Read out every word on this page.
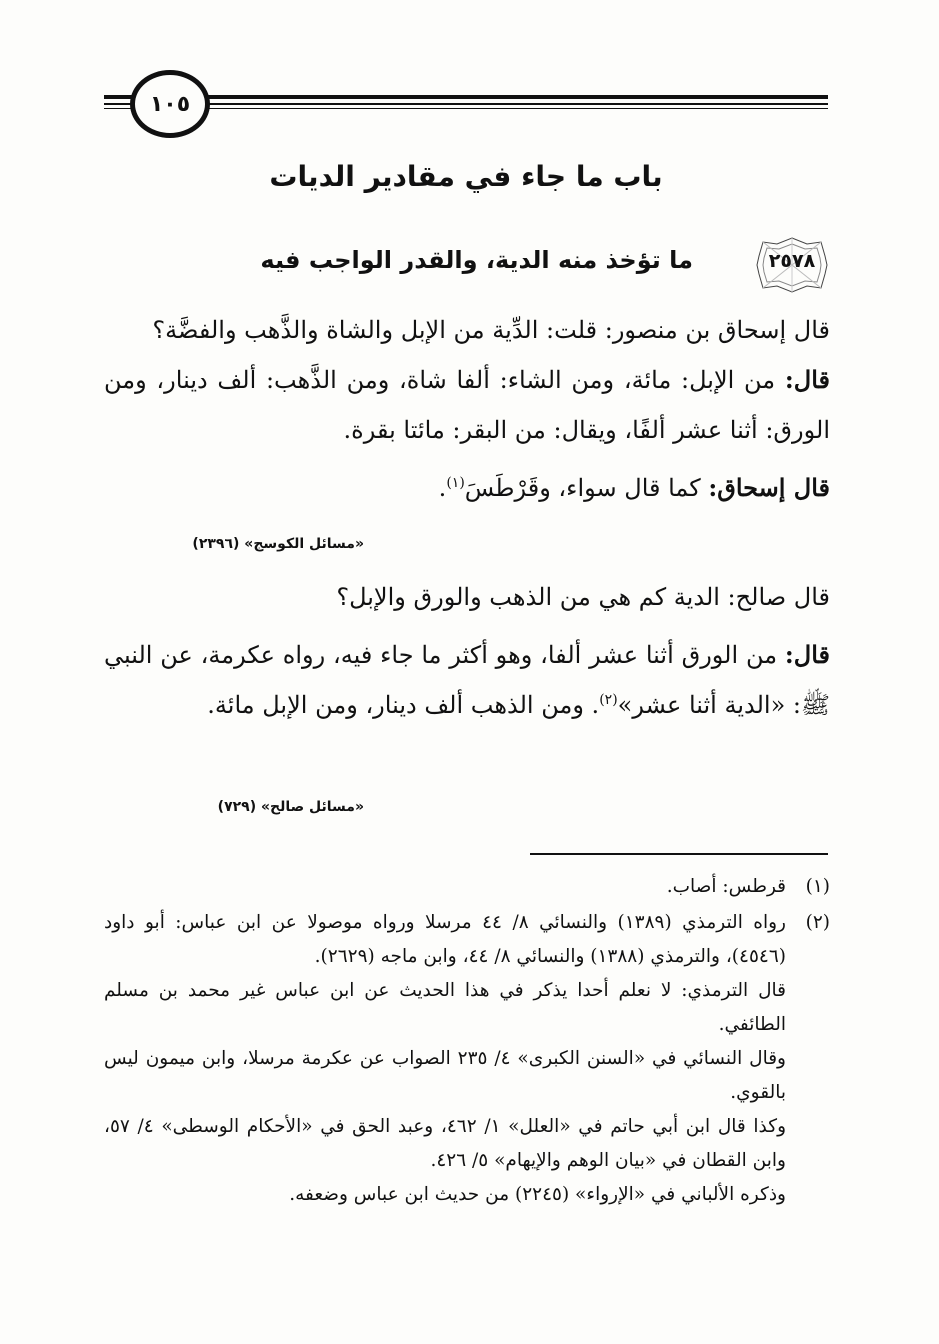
١٠٥
باب ما جاء في مقادير الديات
٢٥٧٨
ما تؤخذ منه الدية، والقدر الواجب فيه
قال إسحاق بن منصور: قلت: الدِّية من الإبل والشاة والذَّهب والفضَّة؟
قال: من الإبل: مائة، ومن الشاء: ألفا شاة، ومن الذَّهب: ألف دينار، ومن الورق: أثنا عشر ألفًا، ويقال: من البقر: مائتا بقرة.
قال إسحاق: كما قال سواء، وقَرْطَسَ$^{(١)}$.
«مسائل الكوسج» (٢٣٩٦)
قال صالح: الدية كم هي من الذهب والورق والإبل؟
قال: من الورق أثنا عشر ألفا، وهو أكثر ما جاء فيه، رواه عكرمة، عن النبي ﷺ: «الدية أثنا عشر»$^{(٢)}$. ومن الذهب ألف دينار، ومن الإبل مائة.
«مسائل صالح» (٧٢٩)
(١)
قرطس: أصاب.
(٢)
رواه الترمذي (١٣٨٩) والنسائي ٨/ ٤٤ مرسلا ورواه موصولا عن ابن عباس: أبو داود (٤٥٤٦)، والترمذي (١٣٨٨) والنسائي ٨/ ٤٤، وابن ماجه (٢٦٢٩).
قال الترمذي: لا نعلم أحدا يذكر في هذا الحديث عن ابن عباس غير محمد بن مسلم الطائفي.
وقال النسائي في «السنن الكبرى» ٤/ ٢٣٥ الصواب عن عكرمة مرسلا، وابن ميمون ليس بالقوي.
وكذا قال ابن أبي حاتم في «العلل» ١/ ٤٦٢، وعبد الحق في «الأحكام الوسطى» ٤/ ٥٧، وابن القطان في «بيان الوهم والإيهام» ٥/ ٤٢٦.
وذكره الألباني في «الإرواء» (٢٢٤٥) من حديث ابن عباس وضعفه.
